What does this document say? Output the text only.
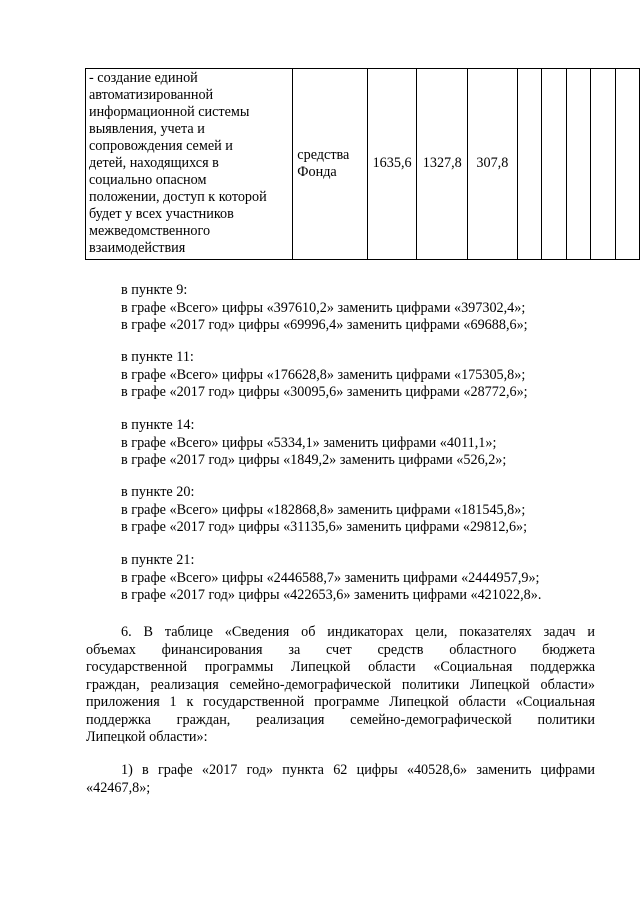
- создание единой
автоматизированной
информационной системы
выявления, учета и
сопровождения семей и
детей, находящихся в
социально опасном
положении, доступ к которой
будет у всех участников
межведомственного
взаимодействия

средства
Фонда
	1635,6	1327,8	307,8					
в пункте 9:
в графе «Всего» цифры «397610,2» заменить цифрами «397302,4»;
в графе «2017 год» цифры «69996,4» заменить цифрами «69688,6»;
в пункте 11:
в графе «Всего» цифры «176628,8» заменить цифрами «175305,8»;
в графе «2017 год» цифры «30095,6» заменить цифрами «28772,6»;
в пункте 14:
в графе «Всего» цифры «5334,1» заменить цифрами «4011,1»;
в графе «2017 год» цифры «1849,2» заменить цифрами «526,2»;
в пункте 20:
в графе «Всего» цифры «182868,8» заменить цифрами «181545,8»;
в графе «2017 год» цифры «31135,6» заменить цифрами «29812,6»;
в пункте 21:
в графе «Всего» цифры «2446588,7» заменить цифрами «2444957,9»;
в графе «2017 год» цифры «422653,6» заменить цифрами «421022,8».
6. В таблице «Сведения об индикаторах цели, показателях задач и
объемах финансирования за счет средств областного бюджета
государственной программы Липецкой области «Социальная поддержка
граждан, реализация семейно-демографической политики Липецкой области»
приложения 1 к государственной программе Липецкой области «Социальная
поддержка граждан, реализация семейно-демографической политики
Липецкой области»:
1) в графе «2017 год» пункта 62 цифры «40528,6» заменить цифрами
«42467,8»;
